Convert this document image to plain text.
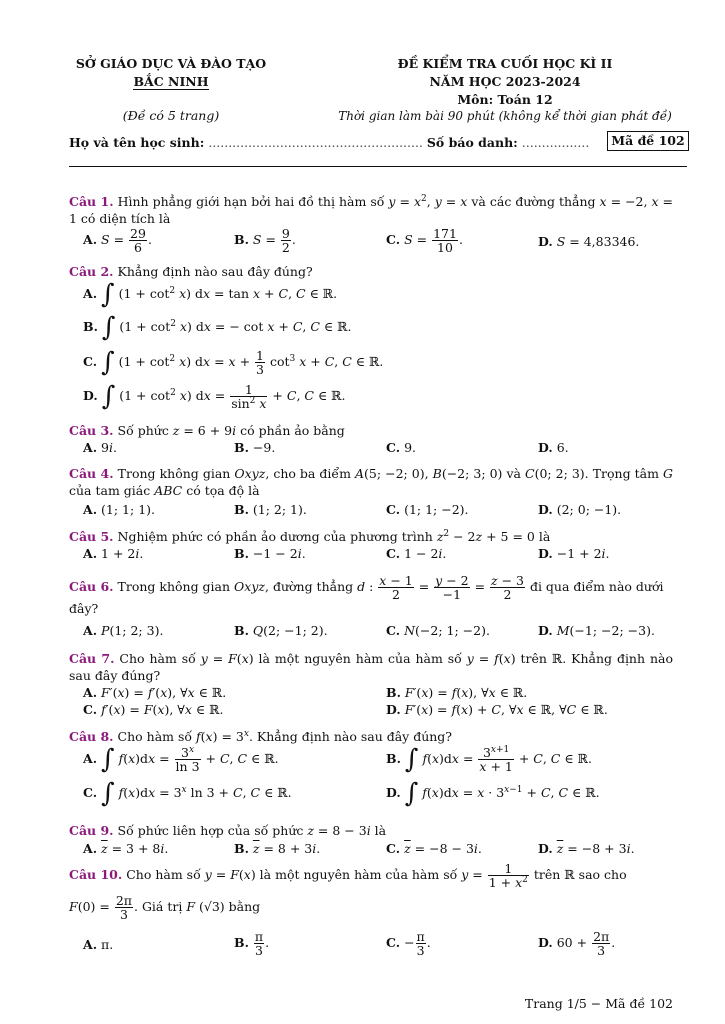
SỞ GIÁO DỤC VÀ ĐÀO TẠO
BẮC NINH
(Đề có 5 trang)
ĐỀ KIỂM TRA CUỐI HỌC KÌ II
NĂM HỌC 2023-2024
Môn: Toán 12
Thời gian làm bài 90 phút (không kể thời gian phát đề)
Họ và tên học sinh: ...................................................... Số báo danh: .................	Mã đề 102
Câu 1. Hình phẳng giới hạn bởi hai đồ thị hàm số $y = x^2$, y = x và các đường thẳng x = −2, x = 1 có diện tích là
A. $S = \frac{29}{6}$ .	B. $S = \frac{9}{2}$ .	C. $S = \frac{171}{10}$ .	D. S = 4,83346.
Câu 2. Khẳng định nào sau đây đúng?
A. ∫ $(1 + \cot^2 x)$ dx = tan x + C, C ∈ ℝ.
B. ∫ $(1 + \cot^2 x)$ dx = − cot x + C, C ∈ ℝ.
C. ∫ $(1 + \cot^2 x)$ dx = $x + \frac{1}{3} \cot^3 x + C$, C ∈ ℝ.
D. ∫ $(1 + \cot^2 x)$ dx = $\frac{1}{\sin^2 x} + C$, C ∈ ℝ.
Câu 3. Số phức z = 6 + 9i có phần ảo bằng
A. 9i.	B. −9.	C. 9.	D. 6.
Câu 4. Trong không gian Oxyz, cho ba điểm A(5; −2; 0), B(−2; 3; 0) và C(0; 2; 3). Trọng tâm G của tam giác ABC có tọa độ là
A. (1; 1; 1).	B. (1; 2; 1).	C. (1; 1; −2).	D. (2; 0; −1).
Câu 5. Nghiệm phức có phần ảo dương của phương trình $z^2 - 2z + 5 = 0$ là
A. 1 + 2i.	B. −1 − 2i.	C. 1 − 2i.	D. −1 + 2i.
Câu 6. Trong không gian Oxyz, đường thẳng d : $\frac{x - 1}{2} = \frac{y - 2}{-1} = \frac{z - 3}{2}$ đi qua điểm nào dưới
đây?
A. P(1; 2; 3).	B. Q(2; −1; 2).	C. N(−2; 1; −2).	D. M(−1; −2; −3).
Câu 7. Cho hàm số y = F(x) là một nguyên hàm của hàm số y = f(x) trên ℝ. Khẳng định nào sau đây đúng?
A. F′(x) = f′(x), ∀x ∈ ℝ.	B. F′(x) = f(x), ∀x ∈ ℝ.
C. f′(x) = F(x), ∀x ∈ ℝ.	D. F′(x) = f(x) + C, ∀x ∈ ℝ, ∀C ∈ ℝ.
Câu 8. Cho hàm số $f(x) = 3^x$. Khẳng định nào sau đây đúng?
A. ∫ $f(x)dx = \frac{3^x}{\ln 3} + C$, C ∈ ℝ.	B. ∫ $f(x)dx = \frac{3^{x+1}}{x + 1} + C$, C ∈ ℝ.
C. ∫ $f(x)dx = 3^x$ ln 3 + C, C ∈ ℝ.	D. ∫ $f(x)dx = x \cdot 3^{x-1} + C$, C ∈ ℝ.
Câu 9. Số phức liên hợp của số phức z = 8 − 3i là
A. $\overline{z} = 3 + 8i$.	B. $\overline{z} = 8 + 3i$.	C. $\overline{z} = -8 - 3i$.	D. $\overline{z} = -8 + 3i$.
Câu 10. Cho hàm số y = F(x) là một nguyên hàm của hàm số $y = \frac{1}{1 + x^2}$ trên ℝ sao cho
$F(0) = \frac{2\pi}{3}$ . Giá trị F (√3) bằng
A. π.	B. $\frac{\pi}{3}$ .	C. − $\frac{\pi}{3}$ .	D. $60 + \frac{2\pi}{3}$ .
Trang 1/5 − Mã đề 102
